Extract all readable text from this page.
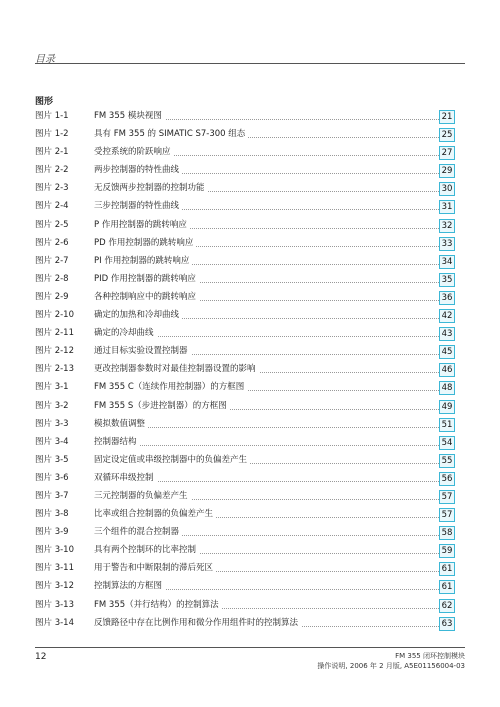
目录
图形
图片 1-1	FM 355 模块视图	21
图片 1-2	具有 FM 355 的 SIMATIC S7-300 组态	25
图片 2-1	受控系统的阶跃响应	27
图片 2-2	两步控制器的特性曲线	29
图片 2-3	无反馈两步控制器的控制功能	30
图片 2-4	三步控制器的特性曲线	31
图片 2-5	P 作用控制器的跳转响应	32
图片 2-6	PD 作用控制器的跳转响应	33
图片 2-7	PI 作用控制器的跳转响应	34
图片 2-8	PID 作用控制器的跳转响应	35
图片 2-9	各种控制响应中的跳转响应	36
图片 2-10 确定的加热和冷却曲线	42
图片 2-11 确定的冷却曲线	43
图片 2-12 通过目标实验设置控制器	45
图片 2-13 更改控制器参数时对最佳控制器设置的影响	46
图片 3-1	FM 355 C（连续作用控制器）的方框图	48
图片 3-2	FM 355 S（步进控制器）的方框图	49
图片 3-3	模拟数值调整	51
图片 3-4	控制器结构	54
图片 3-5	固定设定值或串级控制器中的负偏差产生	55
图片 3-6	双循环串级控制	56
图片 3-7	三元控制器的负偏差产生	57
图片 3-8	比率或组合控制器的负偏差产生	57
图片 3-9	三个组件的混合控制器	58
图片 3-10 具有两个控制环的比率控制	59
图片 3-11 用于警告和中断限制的滞后死区	61
图片 3-12 控制算法的方框图	61
图片 3-13 FM 355（并行结构）的控制算法	62
图片 3-14 反馈路径中存在比例作用和微分作用组件时的控制算法	63
12	FM 355 闭环控制模块
操作说明, 2006 年 2 月版, A5E01156004-03
